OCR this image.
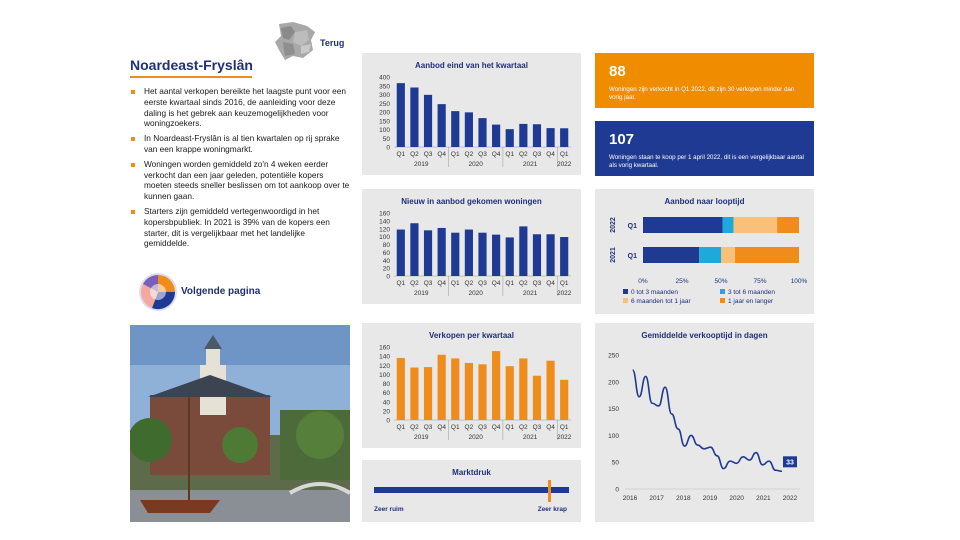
Terug
Noardeast-Fryslân
Het aantal verkopen bereikte het laagste punt voor een eerste kwartaal sinds 2016, de aanleiding voor deze daling is het gebrek aan keuzemogelijkheden voor woningzoekers.
In Noardeast-Fryslân is al tien kwartalen op rij sprake van een krappe woningmarkt.
Woningen worden gemiddeld zo'n 4 weken eerder verkocht dan een jaar geleden, potentiële kopers moeten steeds sneller beslissen om tot aankoop over te kunnen gaan.
Starters zijn gemiddeld vertegenwoordigd in het kopersbpubliek. In 2021 is 39% van de kopers een starter, dit is vergelijkbaar met het landelijke gemiddelde.
Volgende pagina
Aanbod eind van het kwartaal
0
50
100
150
200
250
300
350
400
Q1 Q2 Q3 Q4 Q1 Q2 Q3 Q4 Q1 Q2 Q3 Q4 Q1
2019	2020	2021	2022
Nieuw in aanbod gekomen woningen
0
20
40
60
80
100
120
140
160
Q1 Q2 Q3 Q4 Q1 Q2 Q3 Q4 Q1 Q2 Q3 Q4 Q1
2019	2020	2021	2022
Verkopen per kwartaal
0
20
40
60
80
100
120
140
160
Q1 Q2 Q3 Q4 Q1 Q2 Q3 Q4 Q1 Q2 Q3 Q4 Q1
2019	2020	2021	2022
Marktdruk
Zeer ruim	Zeer krap
88
Woningen zijn verkocht in Q1 2022, dit zijn 30 verkopen minder dan vorig jaar.
107
Woningen staan te koop per 1 april 2022, dit is een vergelijkbaar aantal als vorig kwartaal.
Aanbod naar looptijd
Q1
2022
Q1
2021
0%	25%	50%	75%	100%
0 tot 3 maanden	3 tot 6 maanden
6 maanden tot 1 jaar	1 jaar en langer
Gemiddelde verkooptijd in dagen
0
50
100
150
200
250
2016 2017 2018 2019 2020 2021 2022
33
